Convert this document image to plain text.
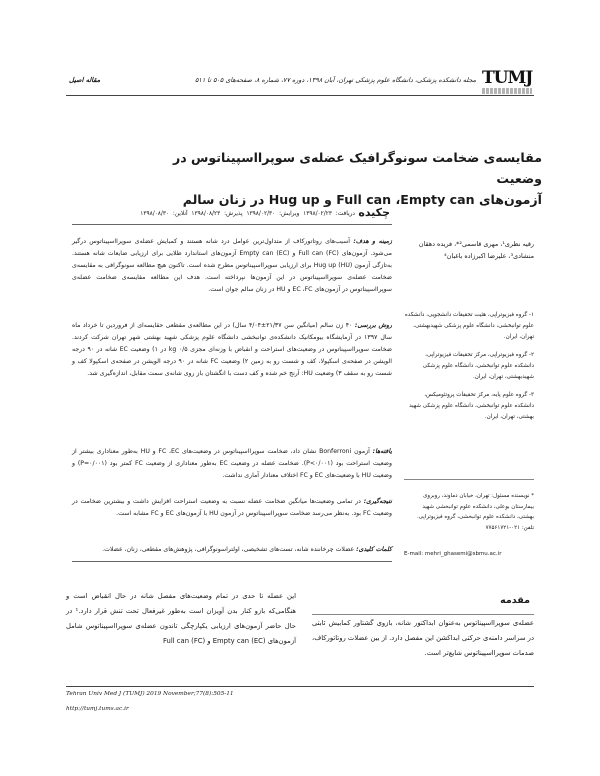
TUMJ
مجله دانشکده پزشکی، دانشگاه علوم پزشکی تهران، آبان ۱۳۹۸، دوره ۷۷، شماره ۸، صفحه‌های ۵۰۵ تا ۵۱۱
مقاله اصیل
مقایسه‌ی ضخامت سونوگرافیک عضله‌ی سوپرااسپیناتوس در وضعیت
آزمون‌های Full can ،Empty can و Hug up در زنان سالم
چکیده
دریافت: ۱۳۹۸/۰۲/۲۳ ویرایش: ۱۳۹۸/۰۲/۳۰ پذیرش: ۱۳۹۸/۰۸/۲۳ آنلاین: ۱۳۹۸/۰۸/۳۰
زمینه و هدف: آسیب‌های روتاتورکاف از متداول‌ترین عوامل درد شانه هستند و کمبایش عضله‌ی سوپرااسپیناتوس درگیر می‌شود. آزمون‌های Full can (FC) و Empty can (EC) آزمون‌های استاندارد طلایی برای ارزیابی ضایعات شانه هستند. به‌تازگی آزمون Hug up (HU) برای ارزیابی سوپرااسپیناتوس مطرح شده است. تاکنون هیچ مطالعه سونوگرافی به مقایسه‌ی ضخامت عضله‌ی سوپرااسپیناتوس در این آزمون‌ها نپرداخته است. هدف این مطالعه مقایسه‌ی ضخامت عضله‌ی سوپرااسپیناتوس در آزمون‌های EC ،FC و HU در زنان سالم جوان است.
روش بررسی: ۴۰ زن سالم (میانگین سن ۲۱/۳۷±۴/۰۴ سال) در این مطالعه‌ی مقطعی حقایسه‌ای از فروردین تا خرداد ماه سال ۱۳۹۷ در آزمایشگاه بیومکانیک دانشکده‌ی توانبخشی دانشگاه علوم پزشکی شهید بهشتی شهر تهران شرکت کردند. ضخامت سوپرااسپیناتوس در وضعیت‌های استراحت و انقباض با وزنه‌ای مجزی ۰/۵ kg در ۱) وضعیت EC شانه در ۹۰ درجه الویشن در صفحه‌ی اسکپولا، کف و شست رو به زمین ۲) وضعیت FC شانه در ۹۰ درجه الویشن در صفحه‌ی اسکپولا کف و شست رو به سقف ۳) وضعیت HU: آرنج خم شده و کف دست با انگشتان باز روی شانه‌ی سمت مقابل، اندازه‌گیری شد.
یافته‌ها: آزمون Bonferroni نشان داد، ضخامت سوپرااسپیناتوس در وضعیت‌های FC ،EC و HU به‌طور معناداری بیشتر از وضعیت استراحت بود (P<۰/۰۰۱). ضخامت عضله در وضعیت EC به‌طور معناداری از وضعیت FC کمتر بود (P=۰/۰۰۱) و وضعیت HU با وضعیت‌های EC و FC اختلاف معنادار آماری نداشت.
نتیجه‌گیری: در تمامی وضعیت‌ها میانگین ضخامت عضله نسبت به وضعیت استراحت افزایش داشت و بیشترین ضخامت در وضعیت FC بود. به‌نظر می‌رسد ضخامت سوپرااسپیناتوس در آزمون HU با آزمون‌های EC و FC مشابه است.
کلمات کلیدی: عضلات چرخاننده شانه، تست‌های تشخیصی، اولتراسونوگرافی، پژوهش‌های مقطعی، زنان، عضلات.
رقیه نظری¹، مهری قاسمی²*، فریده دهقان منشادی³، علیرضا اکبرزاده باغبان⁴
۱- گروه فیزیوتراپی، هئیت تحقیقات دانشجویی، دانشکده علوم توانبخشی، دانشگاه علوم پزشکی شهیدبهشتی، تهران، ایران.
۲- گروه فیزیوتراپی، مرکز تحقیقات فیزیوتراپی، دانشکده علوم توانبخشی، دانشگاه علوم پزشکی شهیدبهشتی، تهران، ایران.
۳- گروه علوم پایه، مرکز تحقیقات پروتئومیکس، دانشکده علوم توانبخشی، دانشگاه علوم پزشکی شهید بهشتی، تهران، ایران.
* نویسنده مسئول: تهران، خیابان دماوند، روبروی بیمارستان بوعلی، دانشکده علوم توانبخشی شهید بهشتی، دانشکده علوم توانبخشی، گروه فیزیوتراپی. تلفن: ۰۲۱-۷۷۵۶۱۷۲۱
E-mail: mehri_ghasemi@sbmu.ac.ir
مقدمه
عضله‌ی سوپرااسپیناتوس به‌عنوان ابداکتور شانه، بازوی گشتاور کمابیش ثابتی در سراسر دامنه‌ی حرکتی ابداکشن این مفصل دارد. از بین عضلات روتاتورکاف، صدمات سوپرااسپیناتوس شایع‌تر است.
این عضله تا حدی در تمام وضعیت‌های مفصل شانه در حال انقباض است و هنگامی‌که بازو کنار بدن آویزان است به‌طور غیرفعال تحت تنش قرار دارد.¹ در حال حاضر آزمون‌های ارزیابی یکپارچگی تاندون عضله‌ی سوپرااسپیناتوس شامل آزمون‌های Empty can (EC) و Full can (FC)
Tehran Univ Med J (TUMJ) 2019 November;77(8):505-11
http://tumj.tums.ac.ir
